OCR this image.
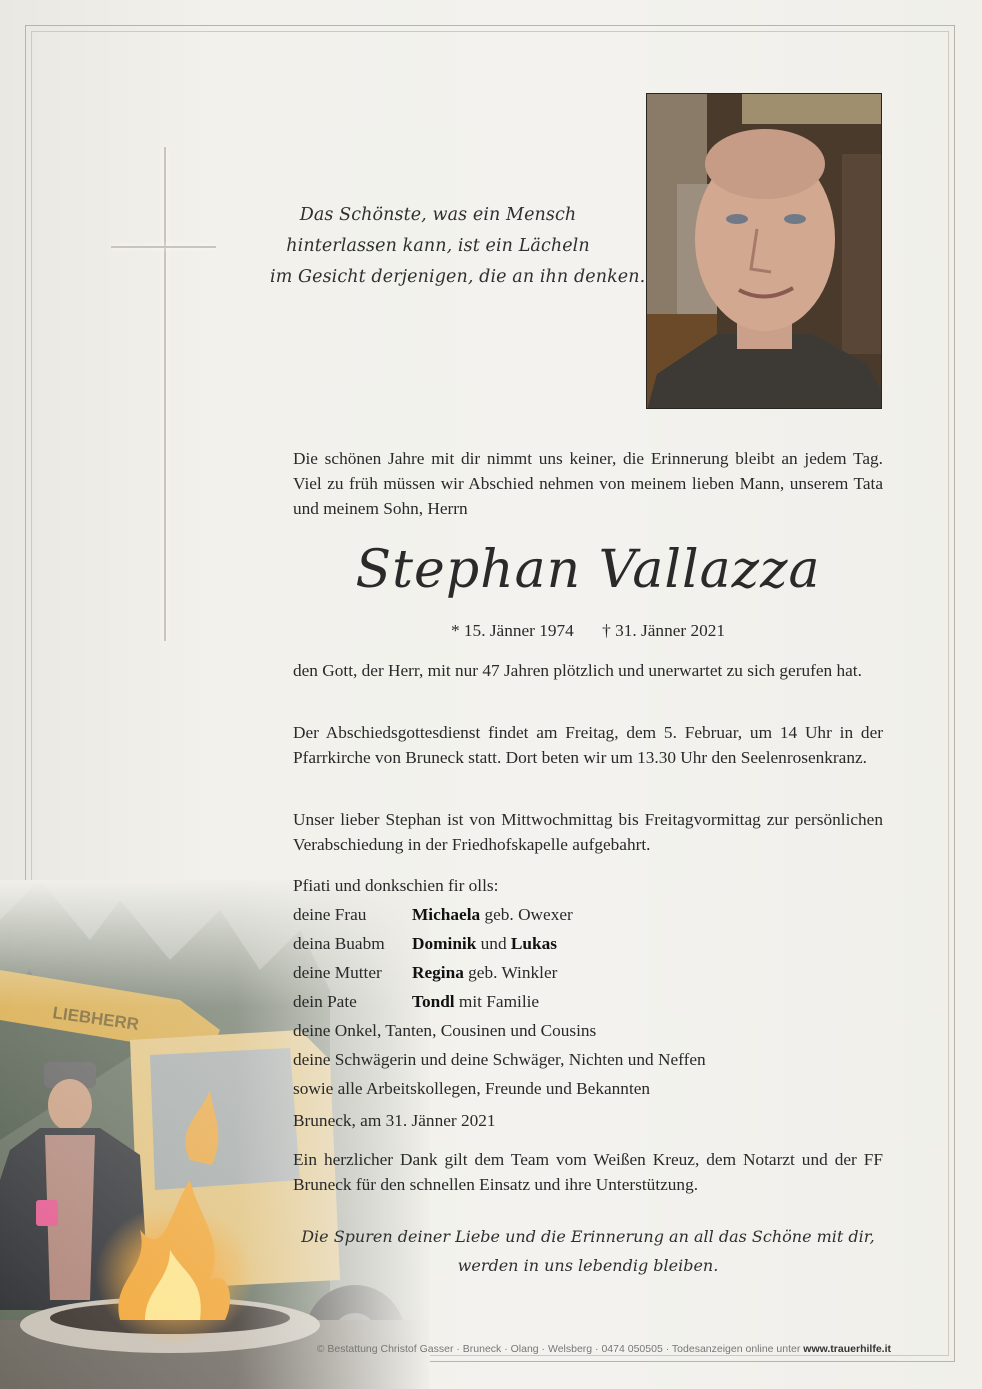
Das Schönste, was ein Mensch
hinterlassen kann, ist ein Lächeln
im Gesicht derjenigen, die an ihn denken.
Die schönen Jahre mit dir nimmt uns keiner, die Erinnerung bleibt an jedem Tag. Viel zu früh müssen wir Abschied nehmen von meinem lieben Mann, unserem Tata und meinem Sohn, Herrn
Stephan Vallazza
* 15. Jänner 1974 † 31. Jänner 2021
den Gott, der Herr, mit nur 47 Jahren plötzlich und unerwartet zu sich gerufen hat.
Der Abschiedsgottesdienst findet am Freitag, dem 5. Februar, um 14 Uhr in der Pfarrkirche von Bruneck statt. Dort beten wir um 13.30 Uhr den Seelenrosenkranz.
Unser lieber Stephan ist von Mittwochmittag bis Freitagvormittag zur persönlichen Verabschiedung in der Friedhofskapelle aufgebahrt.
Pfiati und donkschien fir olls:
deine Frau	Michaela geb. Owexer
deina Buabm	Dominik und Lukas
deine Mutter	Regina geb. Winkler
dein Pate	Tondl mit Familie
deine Onkel, Tanten, Cousinen und Cousins
deine Schwägerin und deine Schwäger, Nichten und Neffen
sowie alle Arbeitskollegen, Freunde und Bekannten
Bruneck, am 31. Jänner 2021
Ein herzlicher Dank gilt dem Team vom Weißen Kreuz, dem Notarzt und der FF Bruneck für den schnellen Einsatz und ihre Unterstützung.
Die Spuren deiner Liebe und die Erinnerung an all das Schöne mit dir,
werden in uns lebendig bleiben.
© Bestattung Christof Gasser · Bruneck · Olang · Welsberg · 0474 050505 · Todesanzeigen online unter www.trauerhilfe.it
